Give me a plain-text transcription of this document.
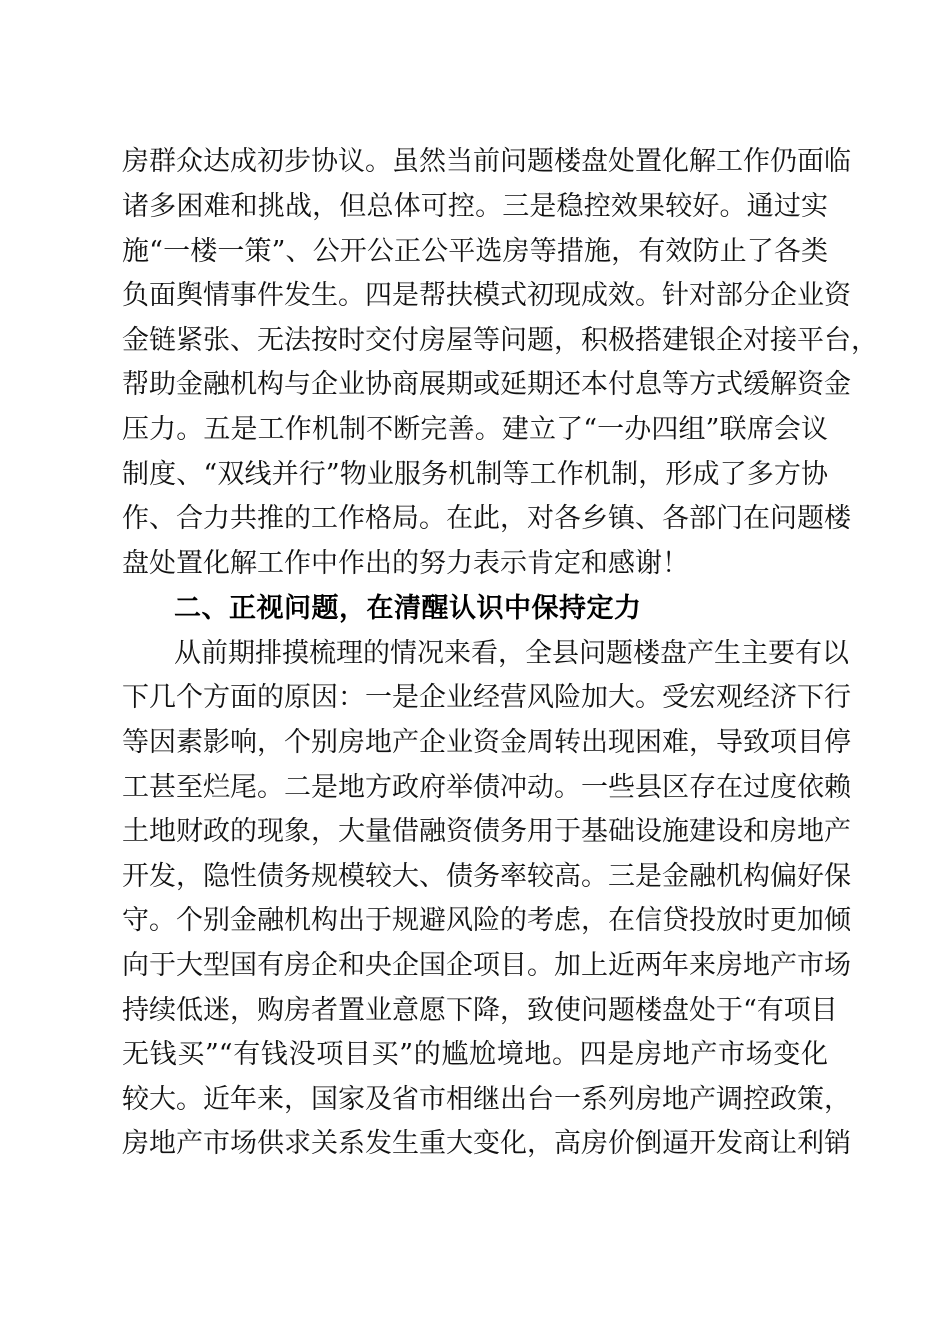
房群众达成初步协议。虽然当前问题楼盘处置化解工作仍面临
诸多困难和挑战，但总体可控。三是稳控效果较好。通过实
施“一楼一策”、公开公正公平选房等措施，有效防止了各类
负面舆情事件发生。四是帮扶模式初现成效。针对部分企业资
金链紧张、无法按时交付房屋等问题，积极搭建银企对接平台，
帮助金融机构与企业协商展期或延期还本付息等方式缓解资金
压力。五是工作机制不断完善。建立了“一办四组”联席会议
制度、“双线并行”物业服务机制等工作机制，形成了多方协
作、合力共推的工作格局。在此，对各乡镇、各部门在问题楼
盘处置化解工作中作出的努力表示肯定和感谢！
二、正视问题，在清醒认识中保持定力
从前期排摸梳理的情况来看，全县问题楼盘产生主要有以
下几个方面的原因：一是企业经营风险加大。受宏观经济下行
等因素影响，个别房地产企业资金周转出现困难，导致项目停
工甚至烂尾。二是地方政府举债冲动。一些县区存在过度依赖
土地财政的现象，大量借融资债务用于基础设施建设和房地产
开发，隐性债务规模较大、债务率较高。三是金融机构偏好保
守。个别金融机构出于规避风险的考虑，在信贷投放时更加倾
向于大型国有房企和央企国企项目。加上近两年来房地产市场
持续低迷，购房者置业意愿下降，致使问题楼盘处于“有项目
无钱买”“有钱没项目买”的尴尬境地。四是房地产市场变化
较大。近年来，国家及省市相继出台一系列房地产调控政策，
房地产市场供求关系发生重大变化，高房价倒逼开发商让利销
